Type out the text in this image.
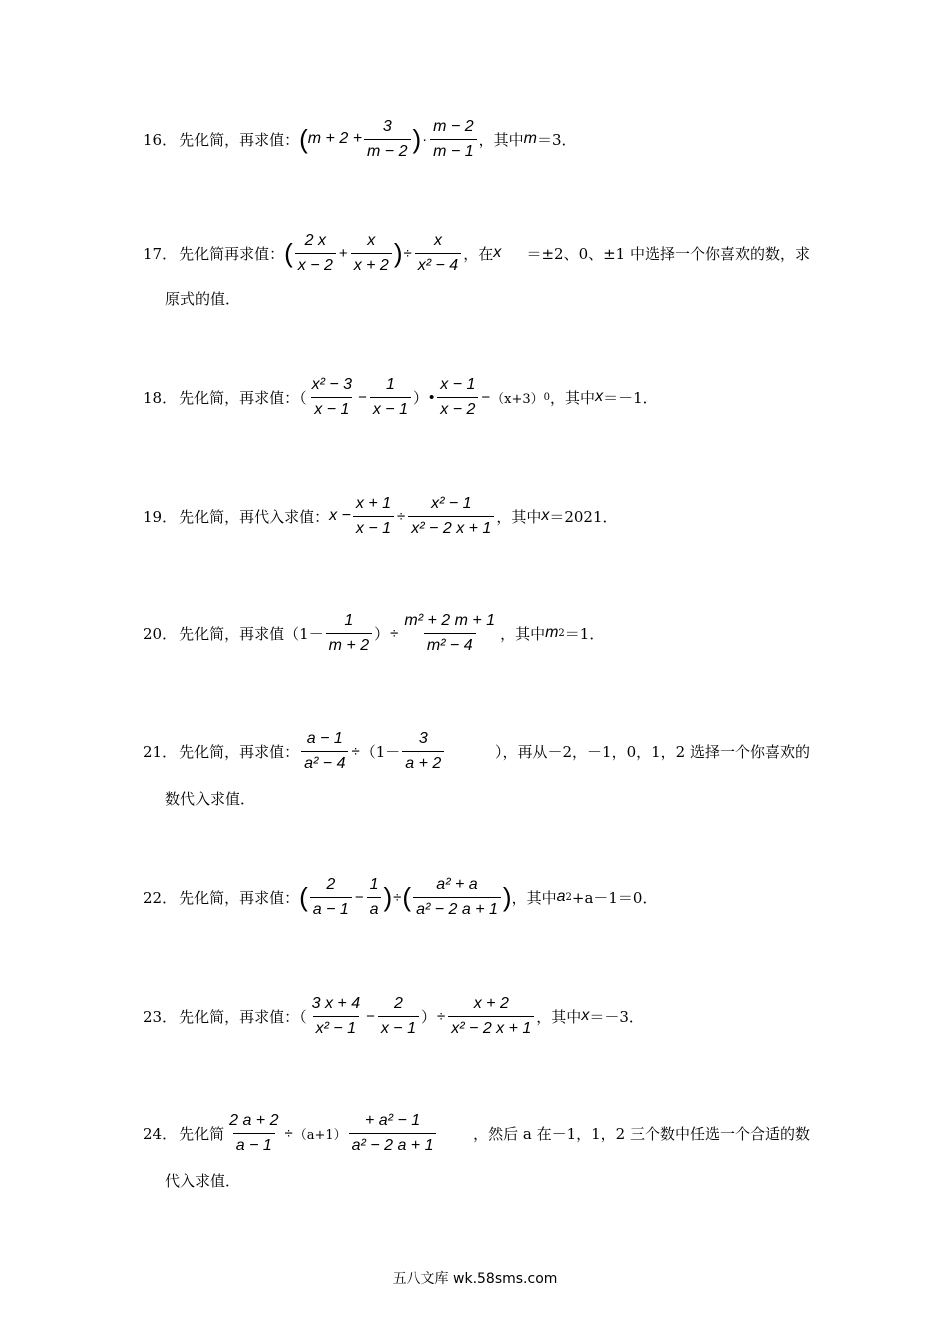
16． 先化简，再求值： ( $m + 2 + \frac{3}{m - 2}$ ) · $\frac{m - 2}{m - 1}$ ，其中 m ＝3．
17． 先化简再求值： ( $\frac{2 x}{x - 2} + \frac{x}{x + 2}$ ) ÷ $\frac{x}{\text{x² − 4}}$ ，在 x ＝±2、0、±1 中选择一个你喜欢的数，求
原式的值．
18． 先化简，再求值：（ $\frac{\text{x² − 3}}{x - 1} - \frac{1}{x - 1}$ ） • $\frac{x - 1}{x - 2} - (x+3)$ 0 ，其中 x ＝－1．
19． 先化简，再代入求值： $x - \frac{x + 1}{x - 1} \div \frac{\text{x² − 1}}{\text{x² − 2 x + 1}}$ ，其中 x ＝2021．
20． 先化简，再求值（$1- \frac{1}{m + 2}$ ） ÷ $\frac{\text{m² + 2 m + 1}}{\text{m² − 4}}$ ，其中 m 2 ＝1．
21． 先化简，再求值： $\frac{a - 1}{\text{a² − 4}} \div (1- \frac{3}{a + 2}$	），再从－2，－1，0，1，2 选择一个你喜欢的
数代入求值．
22． 先化简，再求值： ( $\frac{2}{a - 1} - \frac{1}{a}$ ) ÷ ( $\frac{\text{a² + a}}{\text{a² − 2 a + 1}}$ ) ，其中 a 2 +a－1＝0．
23． 先化简，再求值：（ $\frac{3 x + 4}{\text{x² − 1}} - \frac{2}{x - 1}$ ） ÷ $\frac{x + 2}{\text{x² − 2 x + 1}}$ ，其中 x ＝－3．
24． 先化简 $\frac{2 a + 2}{a - 1} \div (a+1) \frac{\text{+ a² − 1}}{\text{a² − 2 a + 1}}$ ，然后 a 在－1，1，2 三个数中任选一个合适的数
代入求值．
五八文库 wk.58sms.com
